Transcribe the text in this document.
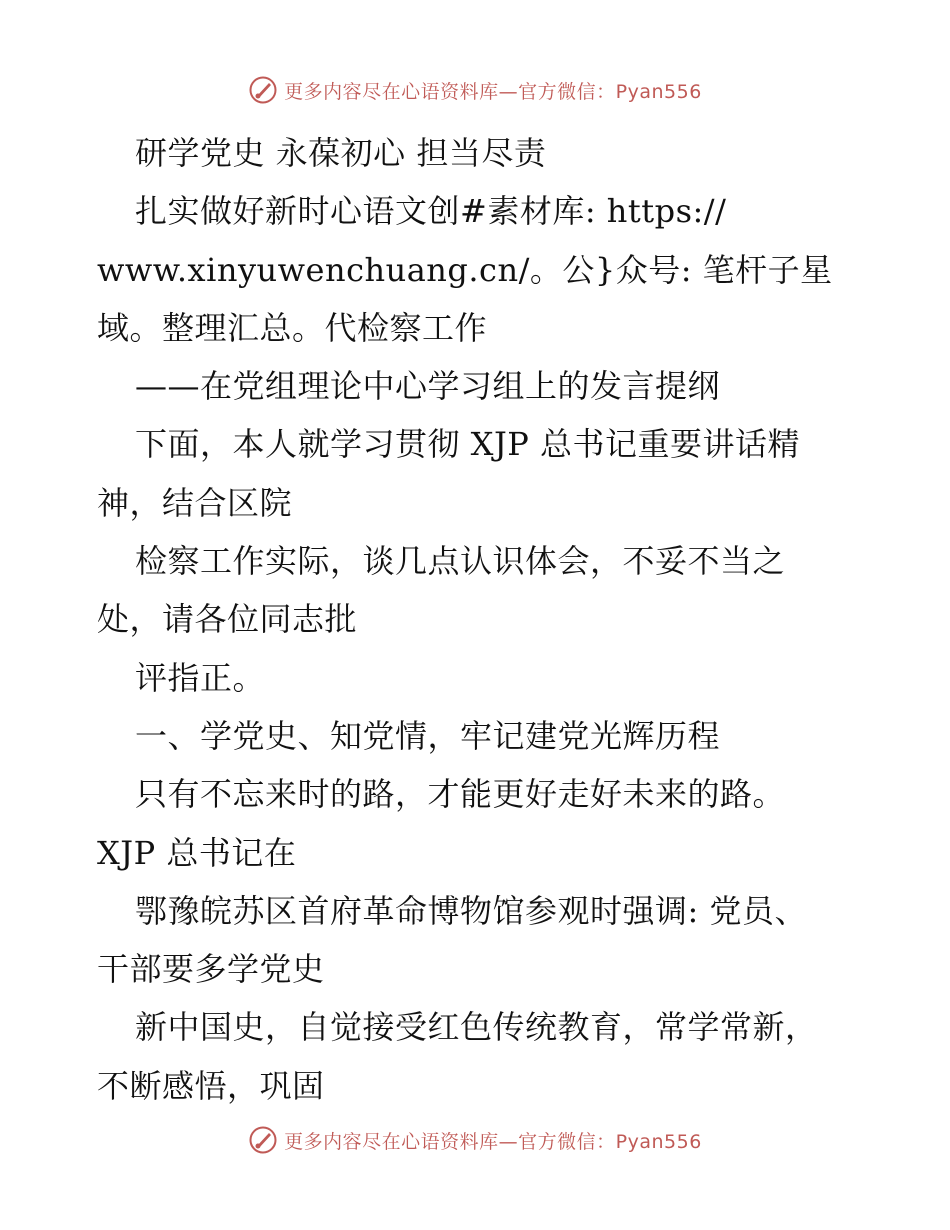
更多内容尽在心语资料库—官方微信：Pyan556
研学党史 永葆初心 担当尽责
扎实做好新时心语文创#素材库: https://
www.xinyuwenchuang.cn/。公}众号: 笔杆子星
域。整理汇总。代检察工作
——在党组理论中心学习组上的发言提纲
下面，本人就学习贯彻 XJP 总书记重要讲话精
神，结合区院
检察工作实际，谈几点认识体会，不妥不当之
处，请各位同志批
评指正。
一、学党史、知党情，牢记建党光辉历程
只有不忘来时的路，才能更好走好未来的路。
XJP 总书记在
鄂豫皖苏区首府革命博物馆参观时强调: 党员、
干部要多学党史
新中国史，自觉接受红色传统教育，常学常新，
不断感悟，巩固
更多内容尽在心语资料库—官方微信：Pyan556
